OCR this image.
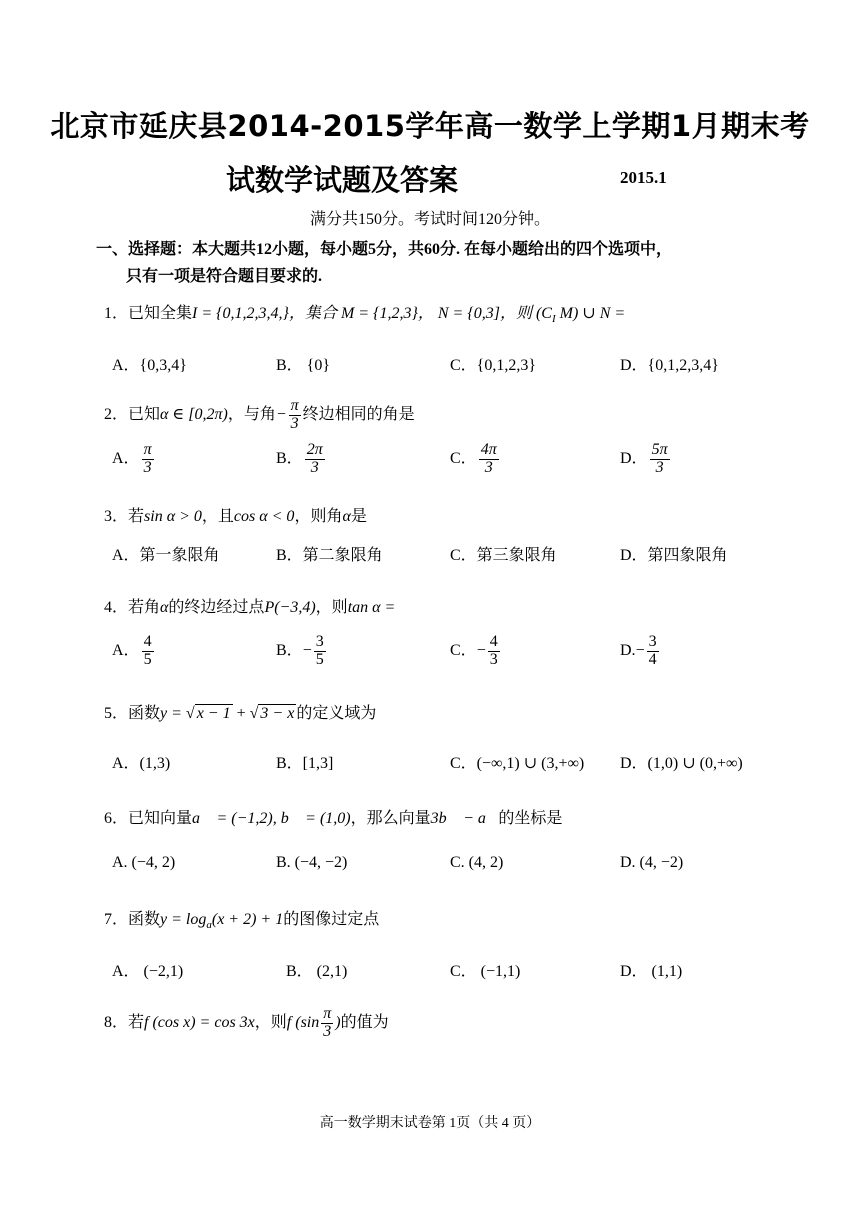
北京市延庆县2014-2015学年高一数学上学期1月期末考
试数学试题及答案	2015.1
满分共150分。考试时间120分钟。
一、选择题：本大题共12小题，每小题5分，共60分. 在每小题给出的四个选项中，
只有一项是符合题目要求的.
1．已知全集I = {0,1,2,3,4,}，集合 M = {1,2,3}， N = {0,3]，则 ($C_I$ M) ∪ N =
A．{0,3,4}	B． {0}	C．{0,1,2,3}	D．{0,1,2,3,4}
2．已知α ∈ [0,2π)，与角− $\frac{\pi}{3}$ 终边相同的角是
A． $\frac{\pi}{3}$	B． $\frac{2\pi}{3}$	C． $\frac{4\pi}{3}$	D． $\frac{5\pi}{3}$
3．若sin α > 0，且cos α < 0，则角α是
A．第一象限角	B．第二象限角	C．第三象限角	D．第四象限角
4．若角α的终边经过点P(−3,4)，则tan α =
A． $\frac{4}{5}$	B．− $\frac{3}{5}$	C．− $\frac{4}{3}$	$D.- \frac{3}{4}$
5．函数y = √ x − 1 + √ 3 − x 的定义域为
A．(1,3)	B．[1,3]	C．(−∞,1) ∪ (3,+∞) D．(1,0) ∪ (0,+∞)
6．已知向量a⃗ = (−1,2), b⃗ = (1,0)，那么向量3b⃗ − a⃗的坐标是
A. (−4, 2)	B. (−4, −2)	C. (4, 2)	D. (4, −2)
7．函数$y = \log_a(x + 2) + 1$的图像过定点
A． (−2,1)	B． (2,1)	C． (−1,1)	D． (1,1)
8．若f (cos x) = cos 3x，则f ($\sin \frac{\pi}{3}$ )的值为
高一数学期末试卷第 1页（共 4 页）
